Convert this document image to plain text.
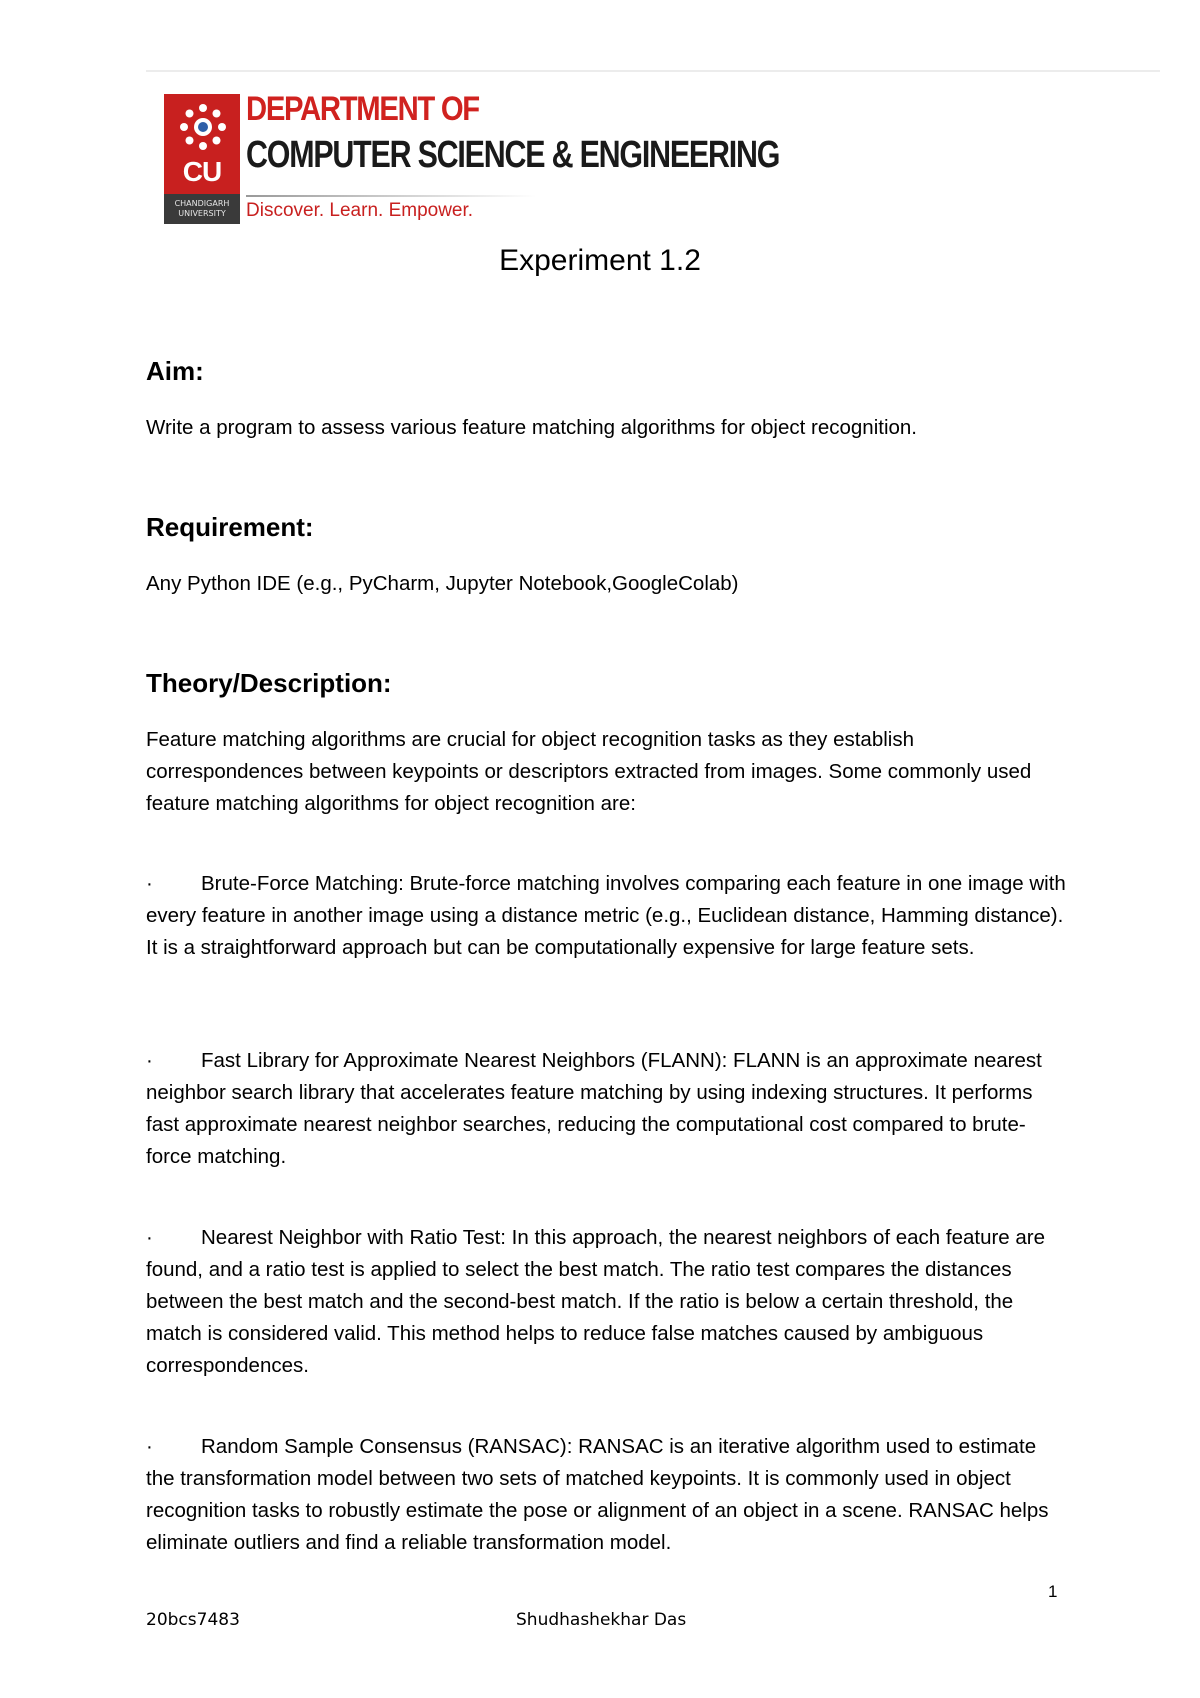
CU
CHANDIGARH UNIVERSITY
DEPARTMENT OF
COMPUTER SCIENCE & ENGINEERING
Discover. Learn. Empower.
Experiment 1.2
Aim:
Write a program to assess various feature matching algorithms for object recognition.
Requirement:
Any Python IDE (e.g., PyCharm, Jupyter Notebook,GoogleColab)
Theory/Description:
Feature matching algorithms are crucial for object recognition tasks as they establish correspondences between keypoints or descriptors extracted from images. Some commonly used feature matching algorithms for object recognition are:
· Brute-Force Matching: Brute-force matching involves comparing each feature in one image with every feature in another image using a distance metric (e.g., Euclidean distance, Hamming distance). It is a straightforward approach but can be computationally expensive for large feature sets.
· Fast Library for Approximate Nearest Neighbors (FLANN): FLANN is an approximate nearest neighbor search library that accelerates feature matching by using indexing structures. It performs fast approximate nearest neighbor searches, reducing the computational cost compared to brute-force matching.
· Nearest Neighbor with Ratio Test: In this approach, the nearest neighbors of each feature are found, and a ratio test is applied to select the best match. The ratio test compares the distances between the best match and the second-best match. If the ratio is below a certain threshold, the match is considered valid. This method helps to reduce false matches caused by ambiguous correspondences.
· Random Sample Consensus (RANSAC): RANSAC is an iterative algorithm used to estimate the transformation model between two sets of matched keypoints. It is commonly used in object recognition tasks to robustly estimate the pose or alignment of an object in a scene. RANSAC helps eliminate outliers and find a reliable transformation model.
1
20bcs7483	Shudhashekhar Das
